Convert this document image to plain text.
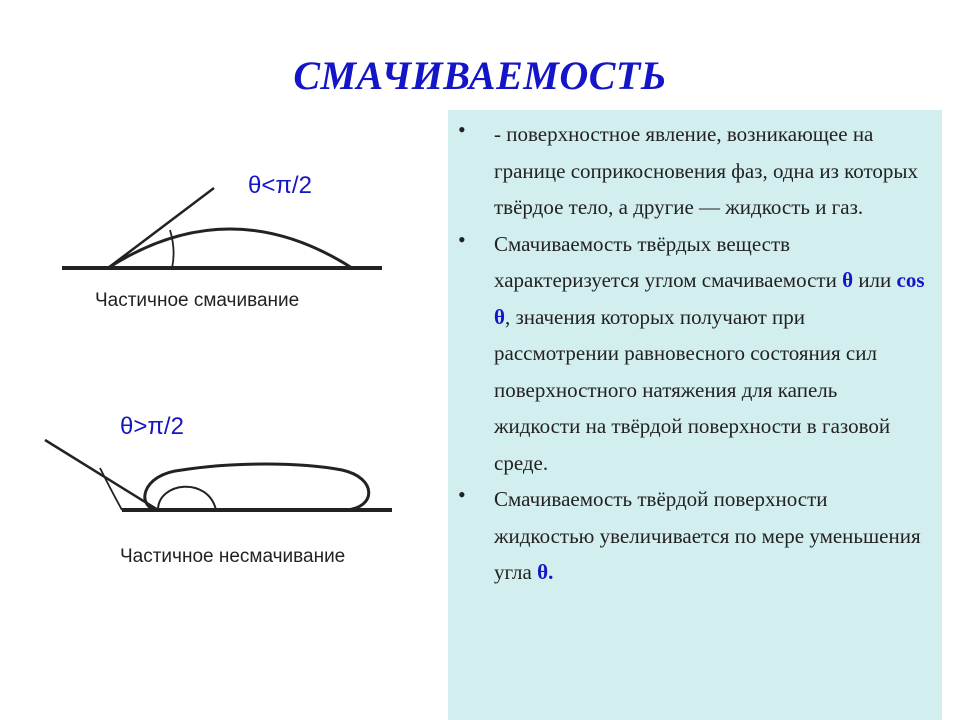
СМАЧИВАЕМОСТЬ
θ<π/2
Частичное смачивание
θ>π/2
Частичное несмачивание
• - поверхностное явление, возникающее на границе соприкосновения фаз, одна из которых твёрдое тело, а другие — жидкость и газ.
• Смачиваемость твёрдых веществ характеризуется углом смачиваемости θ или cos θ, значения которых получают при рассмотрении равновесного состояния сил поверхностного натяжения для капель жидкости на твёрдой поверхности в газовой среде.
• Смачиваемость твёрдой поверхности жидкостью увеличивается по мере уменьшения угла θ.
